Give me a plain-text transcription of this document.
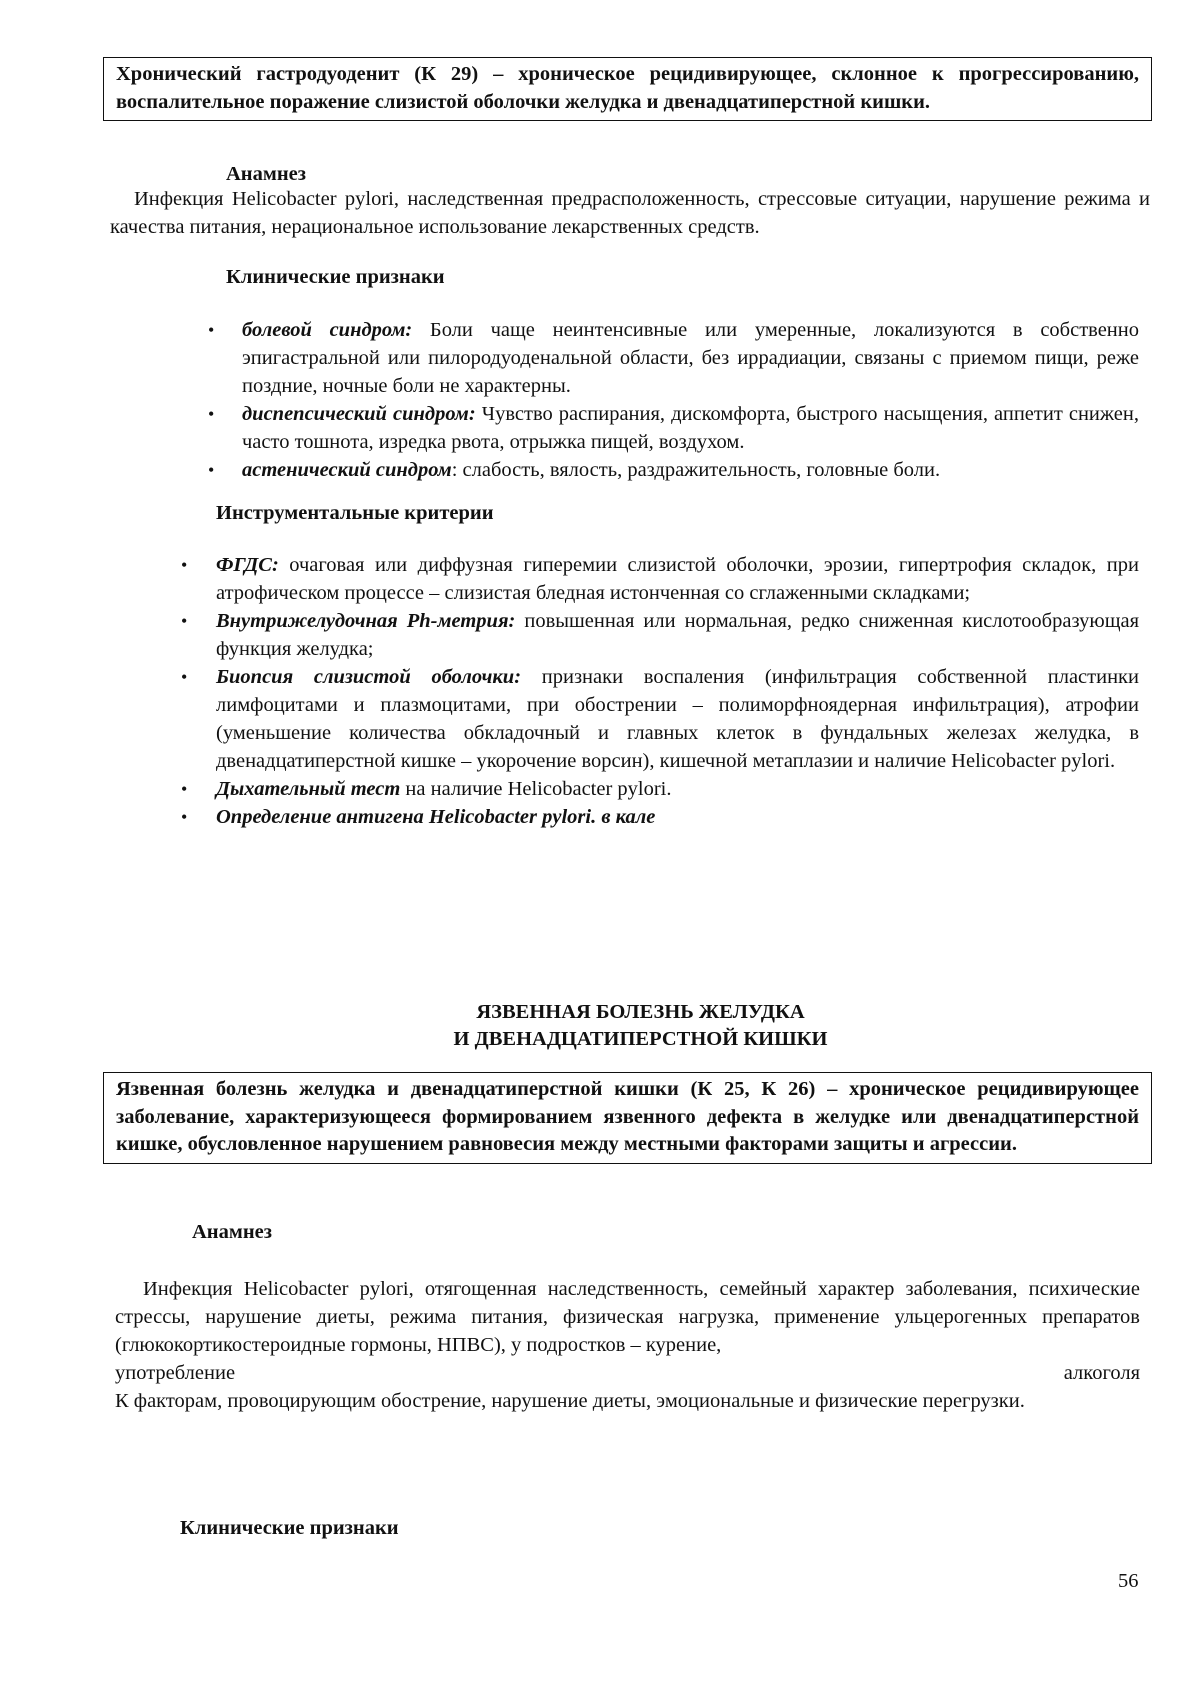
Хронический гастродуоденит (К 29) – хроническое рецидивирующее, склонное к прогрессированию, воспалительное поражение слизистой оболочки желудка и двенадцатиперстной кишки.
Анамнез
Инфекция Helicobacter pylori, наследственная предрасположенность, стрессовые ситуации, нарушение режима и качества питания, нерациональное использование лекарственных средств.
Клинические признаки
• болевой синдром: Боли чаще неинтенсивные или умеренные, локализуются в собственно эпигастральной или пилородуоденальной области, без иррадиации, связаны с приемом пищи, реже поздние, ночные боли не характерны.
• диспепсический синдром: Чувство распирания, дискомфорта, быстрого насыщения, аппетит снижен, часто тошнота, изредка рвота, отрыжка пищей, воздухом.
• астенический синдром: слабость, вялость, раздражительность, головные боли.
Инструментальные критерии
• ФГДС: очаговая или диффузная гиперемии слизистой оболочки, эрозии, гипертрофия складок, при атрофическом процессе – слизистая бледная истонченная со сглаженными складками;
• Внутрижелудочная Ph-метрия: повышенная или нормальная, редко сниженная кислотообразующая функция желудка;
• Биопсия слизистой оболочки: признаки воспаления (инфильтрация собственной пластинки лимфоцитами и плазмоцитами, при обострении – полиморфноядерная инфильтрация), атрофии (уменьшение количества обкладочный и главных клеток в фундальных железах желудка, в двенадцатиперстной кишке – укорочение ворсин), кишечной метаплазии и наличие Helicobacter pylori.
• Дыхательный тест на наличие Helicobacter pylori.
• Определение антигена Helicobacter pylori. в кале
ЯЗВЕННАЯ БОЛЕЗНЬ ЖЕЛУДКА
И ДВЕНАДЦАТИПЕРСТНОЙ КИШКИ
Язвенная болезнь желудка и двенадцатиперстной кишки (К 25, К 26) – хроническое рецидивирующее заболевание, характеризующееся формированием язвенного дефекта в желудке или двенадцатиперстной кишке, обусловленное нарушением равновесия между местными факторами защиты и агрессии.
Анамнез
Инфекция Helicobacter pylori, отягощенная наследственность, семейный характер заболевания, психические стрессы, нарушение диеты, режима питания, физическая нагрузка, применение ульцерогенных препаратов (глюкокортикостероидные гормоны, НПВС), у подростков – курение,
употребление	алкоголя
К факторам, провоцирующим обострение, нарушение диеты, эмоциональные и физические перегрузки.
Клинические признаки
56
